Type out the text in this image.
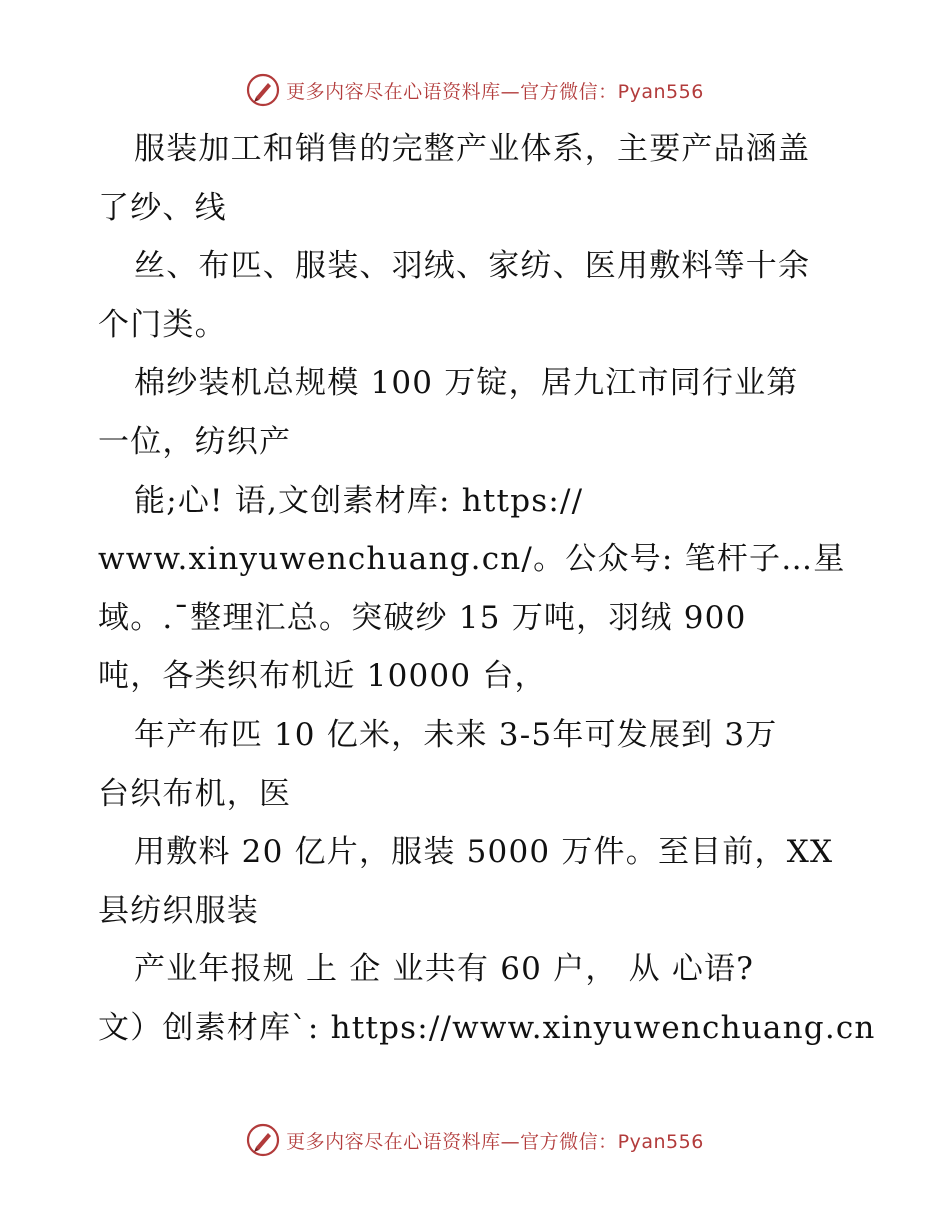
更多内容尽在心语资料库—官方微信：Pyan556
服装加工和销售的完整产业体系，主要产品涵盖
了纱、线
丝、布匹、服装、羽绒、家纺、医用敷料等十余
个门类。
棉纱装机总规模 100 万锭，居九江市同行业第
一位，纺织产
能;心! 语,文创素材库: https://
www.xinyuwenchuang.cn/。公众号: 笔杆子…星
域。.¯整理汇总。突破纱 15 万吨，羽绒 900
吨，各类织布机近 10000 台，
年产布匹 10 亿米，未来 3-5年可发展到 3万
台织布机，医
用敷料 20 亿片，服装 5000 万件。至目前，XX
县纺织服装
产业年报规 上 企 业共有 60 户， 从 心语?
文）创素材库`: https://www.xinyuwenchuang.cn
更多内容尽在心语资料库—官方微信：Pyan556
